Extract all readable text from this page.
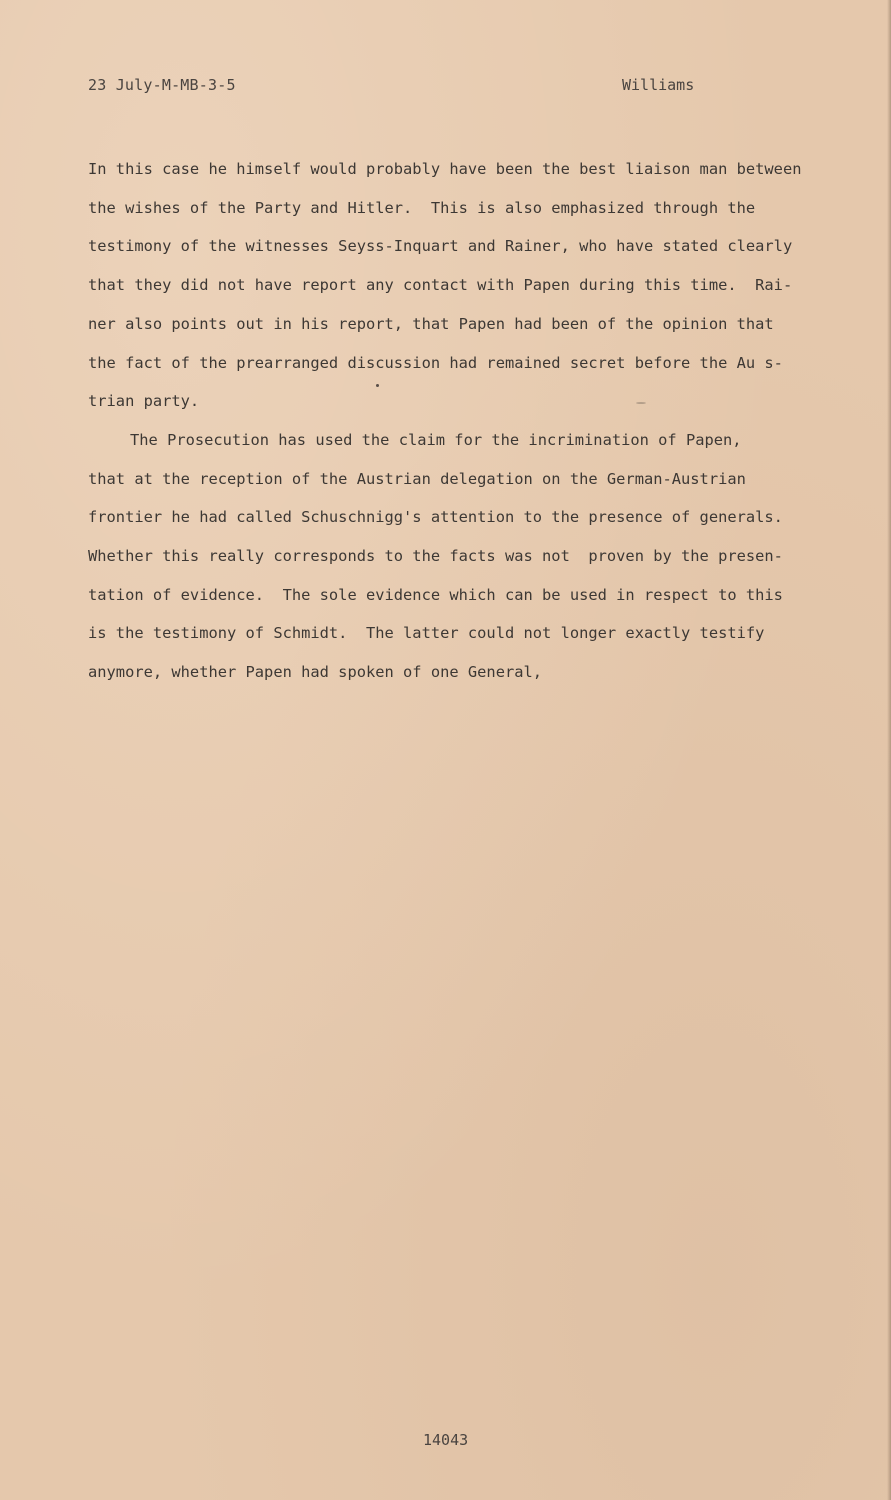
23 July-M-MB-3-5	Williams
In this case he himself would probably have been the best liaison man between
the wishes of the Party and Hitler.  This is also emphasized through the
testimony of the witnesses Seyss-Inquart and Rainer, who have stated clearly
that they did not have report any contact with Papen during this time.  Rai-
ner also points out in his report, that Papen had been of the opinion that
the fact of the prearranged discussion had remained secret before the Au s-
trian party.
The Prosecution has used the claim for the incrimination of Papen,
that at the reception of the Austrian delegation on the German-Austrian
frontier he had called Schuschnigg's attention to the presence of generals.
Whether this really corresponds to the facts was not  proven by the presen-
tation of evidence.  The sole evidence which can be used in respect to this
is the testimony of Schmidt.  The latter could not longer exactly testify
anymore, whether Papen had spoken of one General,
14043
